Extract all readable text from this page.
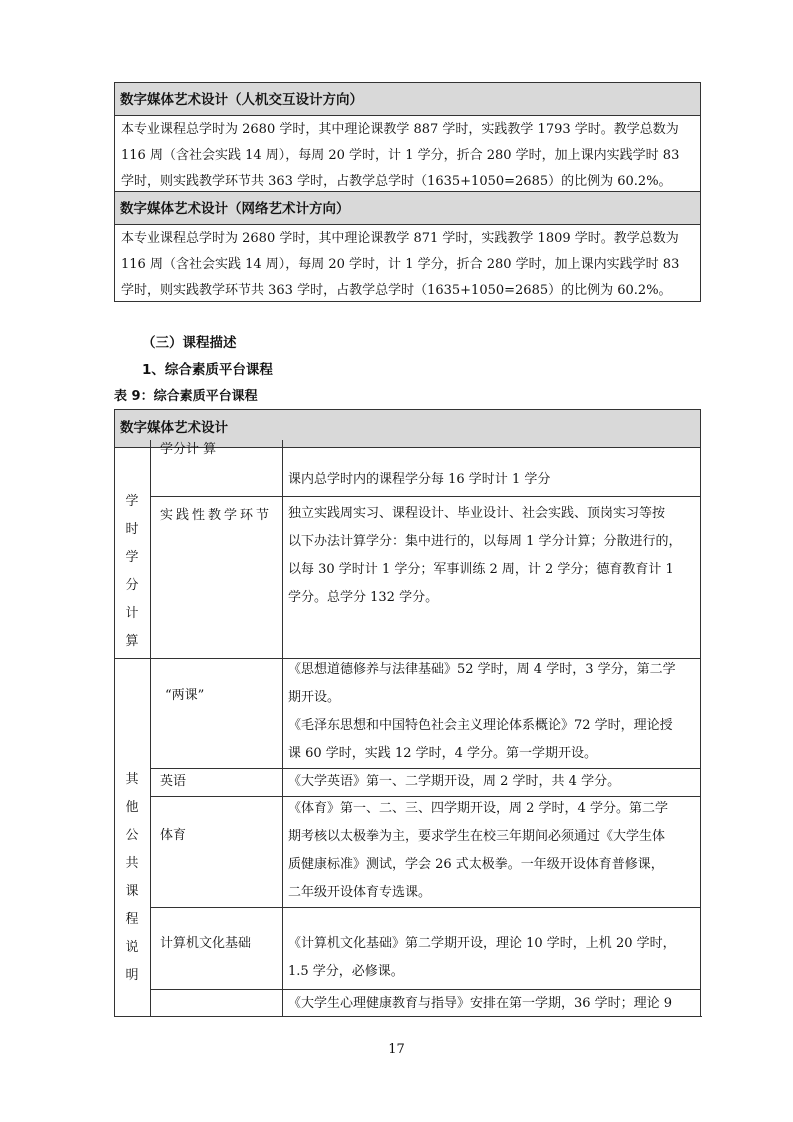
数字媒体艺术设计（人机交互设计方向）
本专业课程总学时为 2680 学时，其中理论课教学 887 学时，实践教学 1793 学时。教学总数为
116 周（含社会实践 14 周），每周 20 学时，计 1 学分，折合 280 学时，加上课内实践学时 83
学时，则实践教学环节共 363 学时，占教学总学时（1635+1050=2685）的比例为 60.2%。
数字媒体艺术设计（网络艺术计方向）
本专业课程总学时为 2680 学时，其中理论课教学 871 学时，实践教学 1809 学时。教学总数为
116 周（含社会实践 14 周），每周 20 学时，计 1 学分，折合 280 学时，加上课内实践学时 83
学时，则实践教学环节共 363 学时，占教学总学时（1635+1050=2685）的比例为 60.2%。
（三）课程描述
1、综合素质平台课程
表 9：综合素质平台课程
数字媒体艺术设计
学
时
学
分
计
算
其
他
公
共
课
程
说
明
学分计 算
课内总学时内的课程学分每 16 学时计 1 学分
实践性教学环节 独立实践周实习、课程设计、毕业设计、社会实践、顶岗实习等按
以下办法计算学分：集中进行的，以每周 1 学分计算；分散进行的，
以每 30 学时计 1 学分；军事训练 2 周，计 2 学分；德育教育计 1
学分。总学分 132 学分。
“两课”
《思想道德修养与法律基础》52 学时，周 4 学时，3 学分，第二学
期开设。
《毛泽东思想和中国特色社会主义理论体系概论》72 学时，理论授
课 60 学时，实践 12 学时，4 学分。第一学期开设。
英语	《大学英语》第一、二学期开设，周 2 学时，共 4 学分。
体育
《体育》第一、二、三、四学期开设，周 2 学时，4 学分。第二学
期考核以太极拳为主，要求学生在校三年期间必须通过《大学生体
质健康标准》测试，学会 26 式太极拳。一年级开设体育普修课，
二年级开设体育专选课。
计算机文化基础	《计算机文化基础》第二学期开设，理论 10 学时，上机 20 学时，
1.5 学分，必修课。
《大学生心理健康教育与指导》安排在第一学期，36 学时；理论 9
17
